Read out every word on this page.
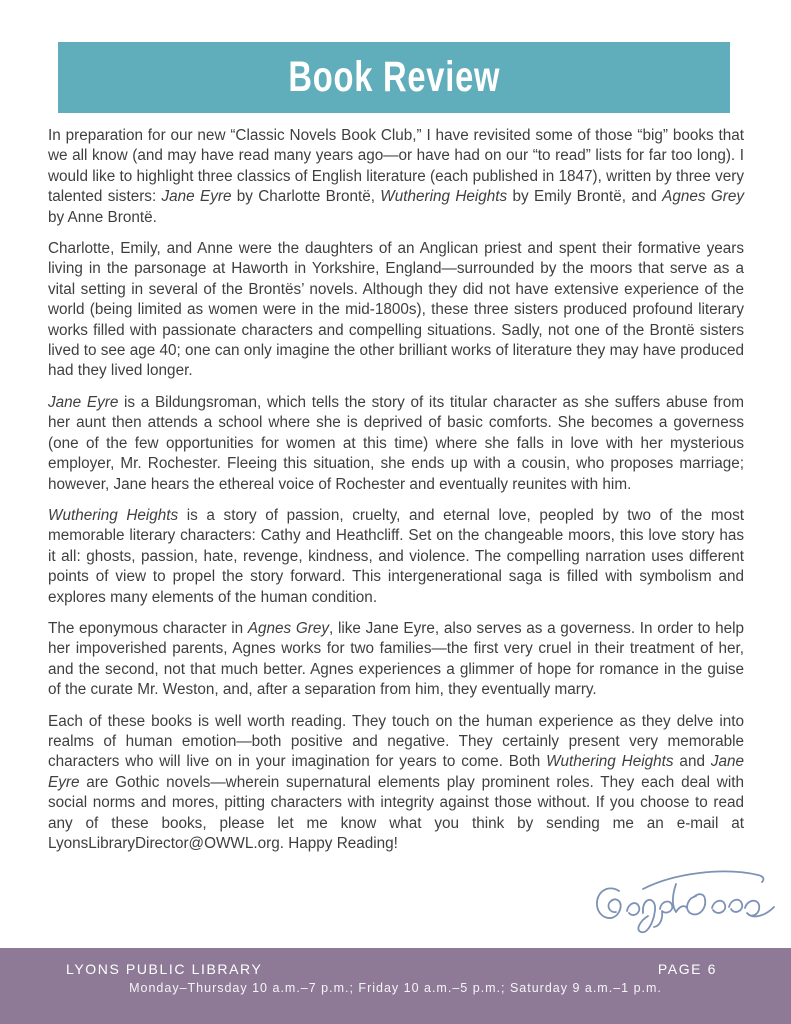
Book Review

In preparation for our new “Classic Novels Book Club,” I have revisited some of those “big” books that we all know (and may have read many years ago—or have had on our “to read” lists for far too long). I would like to highlight three classics of English literature (each published in 1847), written by three very talented sisters: Jane Eyre by Charlotte Brontë, Wuthering Heights by Emily Brontë, and Agnes Grey by Anne Brontë.

Charlotte, Emily, and Anne were the daughters of an Anglican priest and spent their formative years living in the parsonage at Haworth in Yorkshire, England—surrounded by the moors that serve as a vital setting in several of the Brontës’ novels. Although they did not have extensive experience of the world (being limited as women were in the mid-1800s), these three sisters produced profound literary works filled with passionate characters and compelling situations. Sadly, not one of the Brontë sisters lived to see age 40; one can only imagine the other brilliant works of literature they may have produced had they lived longer.

Jane Eyre is a Bildungsroman, which tells the story of its titular character as she suffers abuse from her aunt then attends a school where she is deprived of basic comforts. She becomes a governess (one of the few opportunities for women at this time) where she falls in love with her mysterious employer, Mr. Rochester. Fleeing this situation, she ends up with a cousin, who proposes marriage; however, Jane hears the ethereal voice of Rochester and eventually reunites with him.

Wuthering Heights is a story of passion, cruelty, and eternal love, peopled by two of the most memorable literary characters: Cathy and Heathcliff. Set on the changeable moors, this love story has it all: ghosts, passion, hate, revenge, kindness, and violence. The compelling narration uses different points of view to propel the story forward. This intergenerational saga is filled with symbolism and explores many elements of the human condition.

The eponymous character in Agnes Grey, like Jane Eyre, also serves as a governess. In order to help her impoverished parents, Agnes works for two families—the first very cruel in their treatment of her, and the second, not that much better. Agnes experiences a glimmer of hope for romance in the guise of the curate Mr. Weston, and, after a separation from him, they eventually marry.

Each of these books is well worth reading. They touch on the human experience as they delve into realms of human emotion—both positive and negative. They certainly present very memorable characters who will live on in your imagination for years to come. Both Wuthering Heights and Jane Eyre are Gothic novels—wherein supernatural elements play prominent roles. They each deal with social norms and mores, pitting characters with integrity against those without. If you choose to read any of these books, please let me know what you think by sending me an e-mail at LyonsLibraryDirector@OWWL.org. Happy Reading!

LYONS PUBLIC LIBRARY	PAGE 6
Monday–Thursday 10 a.m.–7 p.m.; Friday 10 a.m.–5 p.m.; Saturday 9 a.m.–1 p.m.
